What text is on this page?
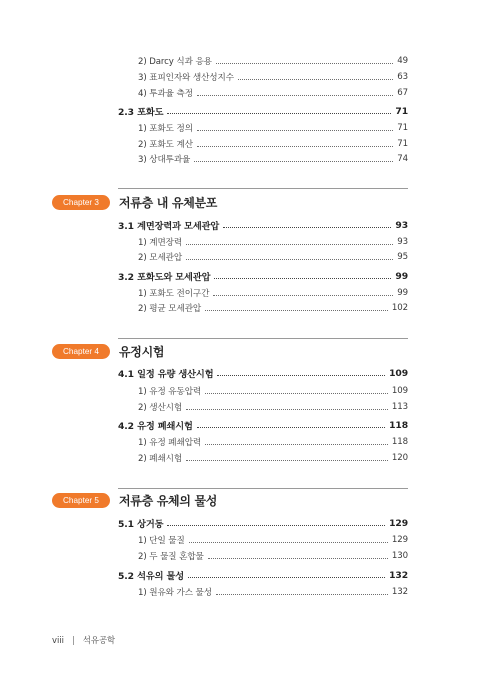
2) Darcy 식과 응용	49
3) 표피인자와 생산성지수	63
4) 투과율 측정	67
2.3 포화도	71
1) 포화도 정의	71
2) 포화도 계산	71
3) 상대투과율	74
Chapter 3	저류층 내 유체분포
3.1 계면장력과 모세관압	93
1) 계면장력	93
2) 모세관압	95
3.2 포화도와 모세관압	99
1) 포화도 전이구간	99
2) 평균 모세관압	102
Chapter 4	유정시험
4.1 일정 유량 생산시험	109
1) 유정 유동압력	109
2) 생산시험	113
4.2 유정 폐쇄시험	118
1) 유정 폐쇄압력	118
2) 폐쇄시험	120
Chapter 5	저류층 유체의 물성
5.1 상거동	129
1) 단일 물질	129
2) 두 물질 혼합물	130
5.2 석유의 물성	132
1) 원유와 가스 물성	132
viii | 석유공학
